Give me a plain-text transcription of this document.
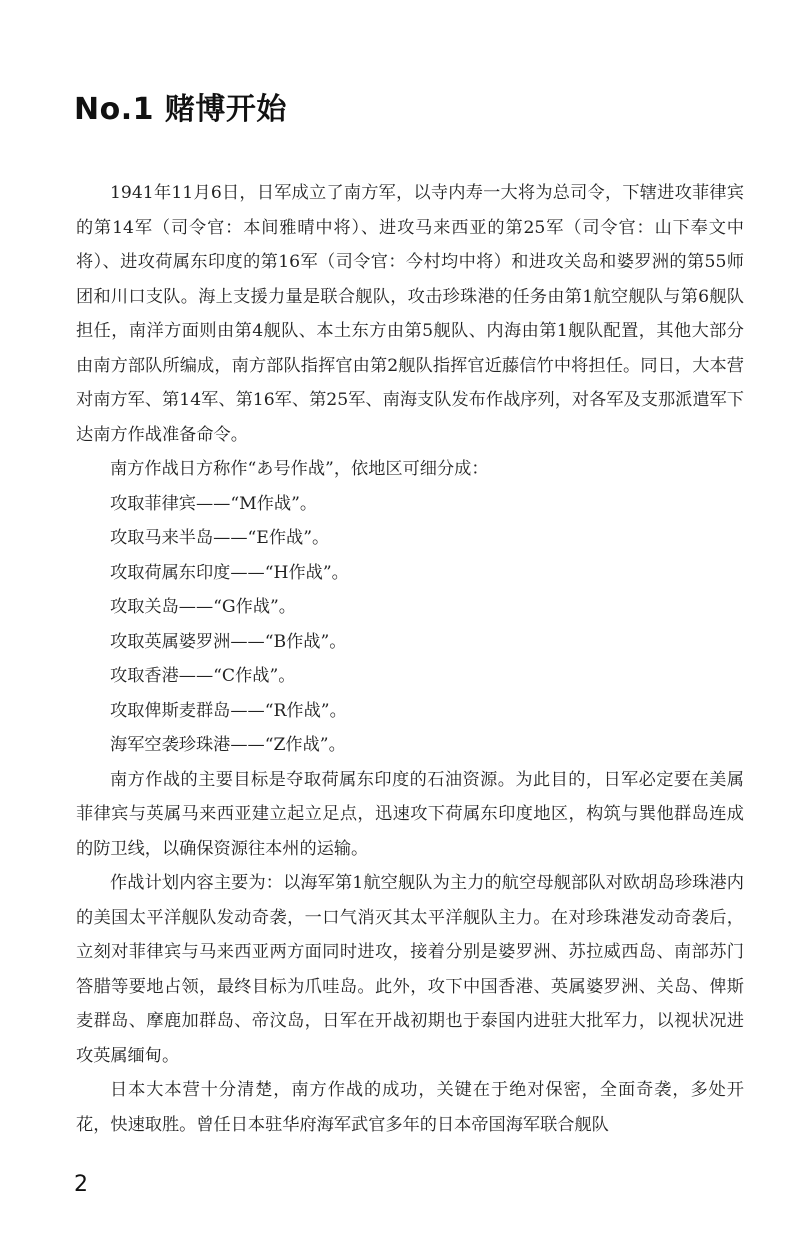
No.1 赌博开始

1941年11月6日，日军成立了南方军，以寺内寿一大将为总司令，下辖进攻菲律宾的第14军（司令官：本间雅晴中将）、进攻马来西亚的第25军（司令官：山下奉文中将）、进攻荷属东印度的第16军（司令官：今村均中将）和进攻关岛和婆罗洲的第55师团和川口支队。海上支援力量是联合舰队，攻击珍珠港的任务由第1航空舰队与第6舰队担任，南洋方面则由第4舰队、本土东方由第5舰队、内海由第1舰队配置，其他大部分由南方部队所编成，南方部队指挥官由第2舰队指挥官近藤信竹中将担任。同日，大本营对南方军、第14军、第16军、第25军、南海支队发布作战序列，对各军及支那派遣军下达南方作战准备命令。

南方作战日方称作“あ号作战”，依地区可细分成：

攻取菲律宾——“M作战”。

攻取马来半岛——“E作战”。

攻取荷属东印度——“H作战”。

攻取关岛——“G作战”。

攻取英属婆罗洲——“B作战”。

攻取香港——“C作战”。

攻取俾斯麦群岛——“R作战”。

海军空袭珍珠港——“Z作战”。

南方作战的主要目标是夺取荷属东印度的石油资源。为此目的，日军必定要在美属菲律宾与英属马来西亚建立起立足点，迅速攻下荷属东印度地区，构筑与巽他群岛连成的防卫线，以确保资源往本州的运输。

作战计划内容主要为：以海军第1航空舰队为主力的航空母舰部队对欧胡岛珍珠港内的美国太平洋舰队发动奇袭，一口气消灭其太平洋舰队主力。在对珍珠港发动奇袭后，立刻对菲律宾与马来西亚两方面同时进攻，接着分别是婆罗洲、苏拉威西岛、南部苏门答腊等要地占领，最终目标为爪哇岛。此外，攻下中国香港、英属婆罗洲、关岛、俾斯麦群岛、摩鹿加群岛、帝汶岛，日军在开战初期也于泰国内进驻大批军力，以视状况进攻英属缅甸。

日本大本营十分清楚，南方作战的成功，关键在于绝对保密，全面奇袭，多处开花，快速取胜。曾任日本驻华府海军武官多年的日本帝国海军联合舰队

2
